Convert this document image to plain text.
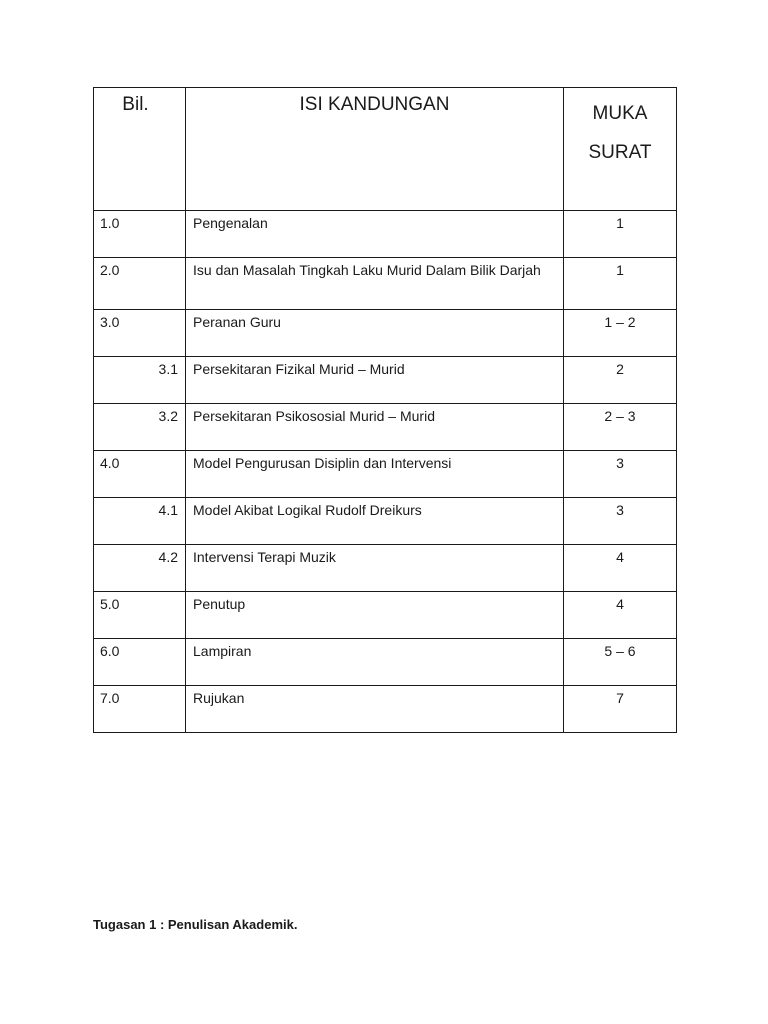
Bil.	ISI KANDUNGAN	MUKA
SURAT

1.0	Pengenalan	1
2.0	Isu dan Masalah Tingkah Laku Murid Dalam Bilik Darjah	1
3.0	Peranan Guru	1 – 2
3.1	Persekitaran Fizikal Murid – Murid	2
3.2	Persekitaran Psikososial Murid – Murid	2 – 3
4.0	Model Pengurusan Disiplin dan Intervensi	3
4.1	Model Akibat Logikal Rudolf Dreikurs	3
4.2	Intervensi Terapi Muzik	4
5.0	Penutup	4
6.0	Lampiran	5 – 6
7.0	Rujukan	7
Tugasan 1 : Penulisan Akademik.
